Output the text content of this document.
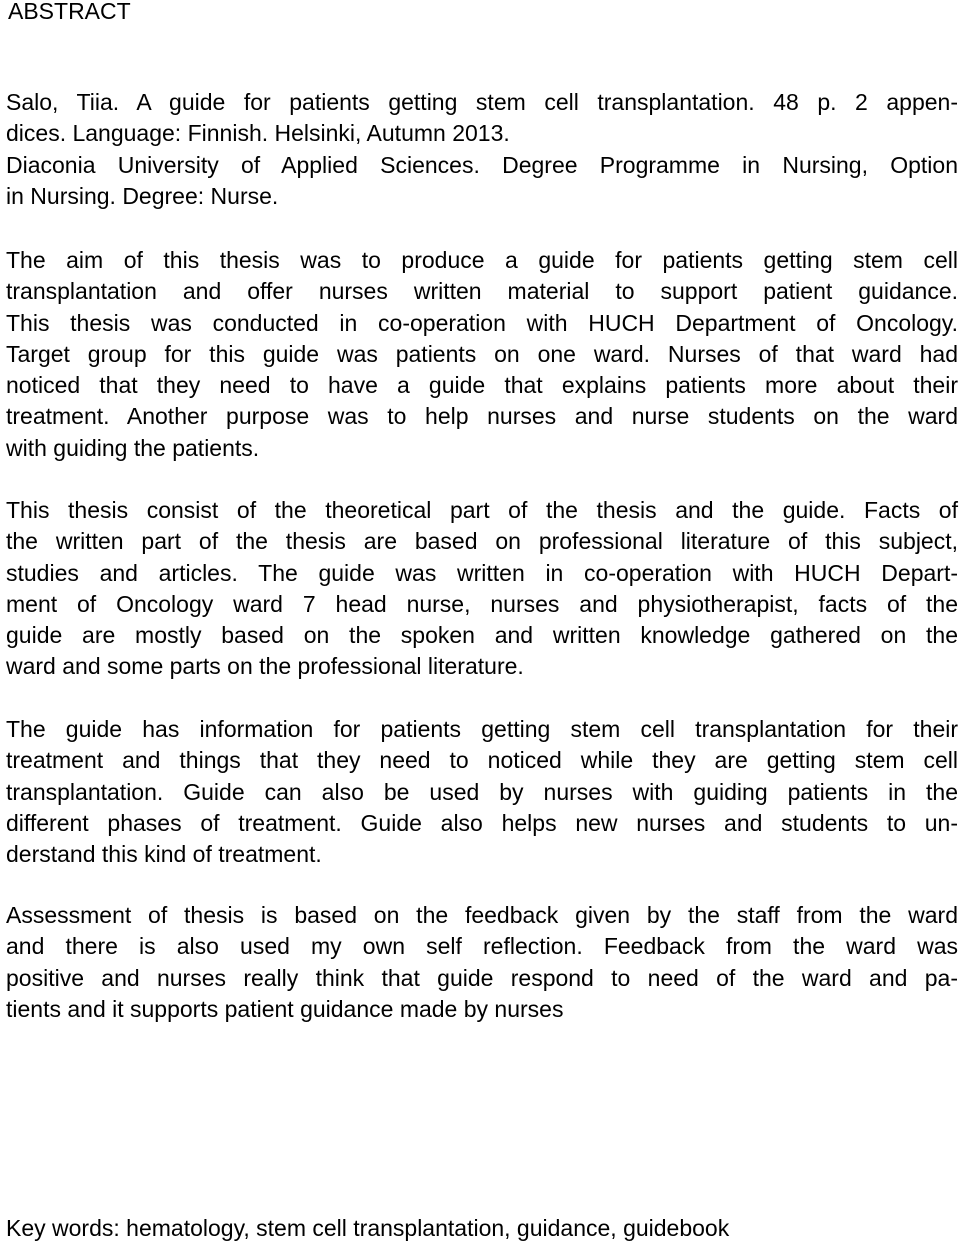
ABSTRACT
Salo, Tiia. A guide for patients getting stem cell transplantation. 48 p. 2 appen-
dices. Language: Finnish. Helsinki, Autumn 2013.
Diaconia University of Applied Sciences. Degree Programme in Nursing, Option
in Nursing. Degree: Nurse.
The aim of this thesis was to produce a guide for patients getting stem cell
transplantation and offer nurses written material to support patient guidance.
This thesis was conducted in co-operation with HUCH Department of Oncology.
Target group for this guide was patients on one ward. Nurses of that ward had
noticed that they need to have a guide that explains patients more about their
treatment. Another purpose was to help nurses and nurse students on the ward
with guiding the patients.
This thesis consist of the theoretical part of the thesis and the guide. Facts of
the written part of the thesis are based on professional literature of this subject,
studies and articles. The guide was written in co-operation with HUCH Depart-
ment of Oncology ward 7 head nurse, nurses and physiotherapist, facts of the
guide are mostly based on the spoken and written knowledge gathered on the
ward and some parts on the professional literature.
The guide has information for patients getting stem cell transplantation for their
treatment and things that they need to noticed while they are getting stem cell
transplantation. Guide can also be used by nurses with guiding patients in the
different phases of treatment. Guide also helps new nurses and students to un-
derstand this kind of treatment.
Assessment of thesis is based on the feedback given by the staff from the ward
and there is also used my own self reflection. Feedback from the ward was
positive and nurses really think that guide respond to need of the ward and pa-
tients and it supports patient guidance made by nurses
Key words: hematology, stem cell transplantation, guidance, guidebook
